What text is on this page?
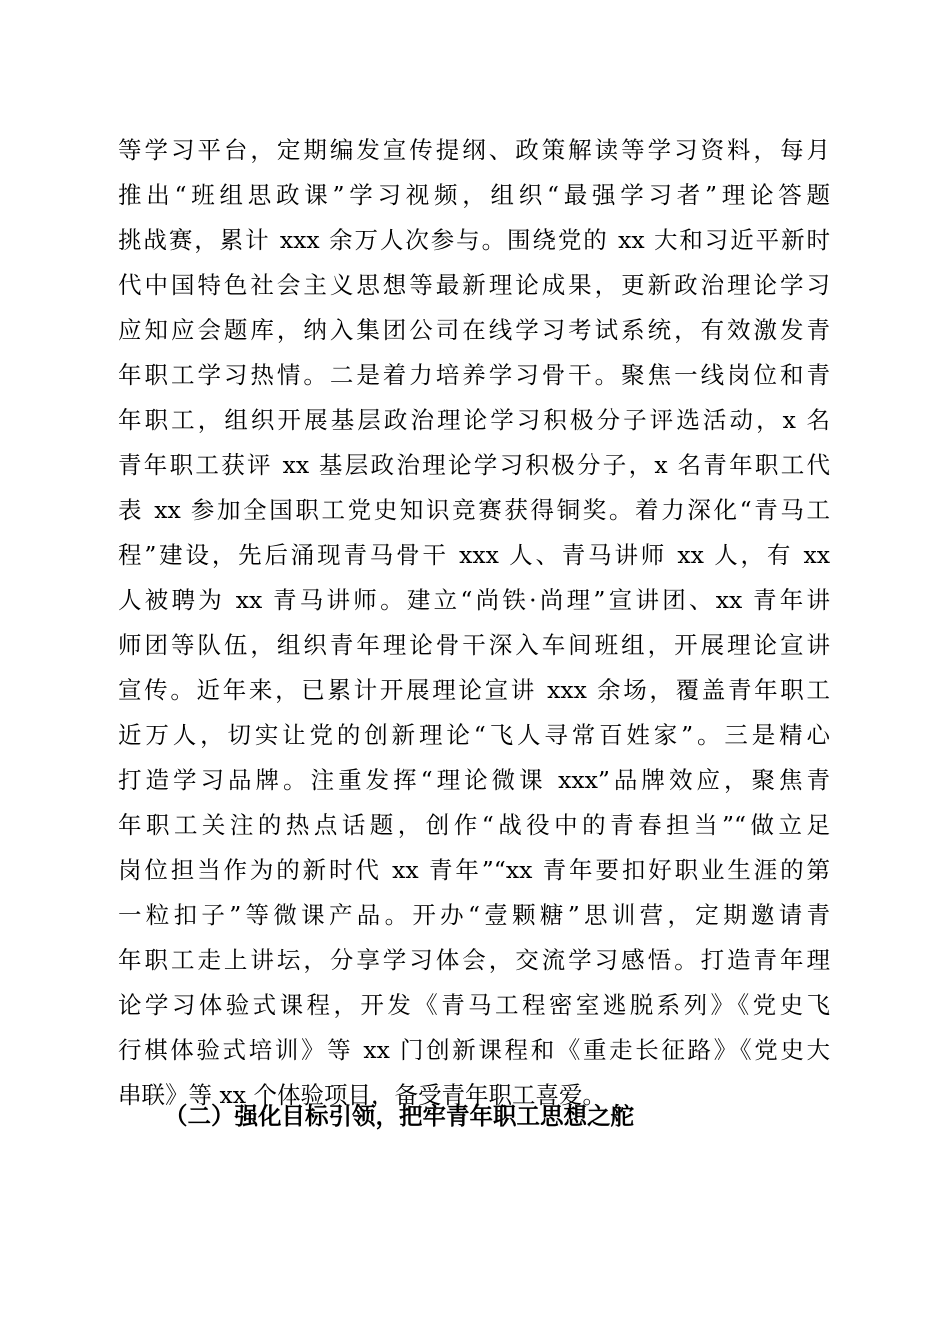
等学习平台，定期编发宣传提纲、政策解读等学习资料，每月
推出“班组思政课”学习视频，组织“最强学习者”理论答题
挑战赛，累计 xxx 余万人次参与。围绕党的 xx 大和习近平新时
代中国特色社会主义思想等最新理论成果，更新政治理论学习
应知应会题库，纳入集团公司在线学习考试系统，有效激发青
年职工学习热情。二是着力培养学习骨干。聚焦一线岗位和青
年职工，组织开展基层政治理论学习积极分子评选活动，x 名
青年职工获评 xx 基层政治理论学习积极分子，x 名青年职工代
表 xx 参加全国职工党史知识竞赛获得铜奖。着力深化“青马工
程”建设，先后涌现青马骨干 xxx 人、青马讲师 xx 人，有 xx
人被聘为 xx 青马讲师。建立“尚铁·尚理”宣讲团、xx 青年讲
师团等队伍，组织青年理论骨干深入车间班组，开展理论宣讲
宣传。近年来，已累计开展理论宣讲 xxx 余场，覆盖青年职工
近万人，切实让党的创新理论“飞人寻常百姓家”。三是精心
打造学习品牌。注重发挥“理论微课 xxx”品牌效应，聚焦青
年职工关注的热点话题，创作“战役中的青春担当”“做立足
岗位担当作为的新时代 xx 青年”“xx 青年要扣好职业生涯的第
一粒扣子”等微课产品。开办“壹颗糖”思训营，定期邀请青
年职工走上讲坛，分享学习体会，交流学习感悟。打造青年理
论学习体验式课程，开发《青马工程密室逃脱系列》《党史飞
行棋体验式培训》等 xx 门创新课程和《重走长征路》《党史大
串联》等 xx 个体验项目，备受青年职工喜爱。
（二）强化目标引领，把牢青年职工思想之舵
